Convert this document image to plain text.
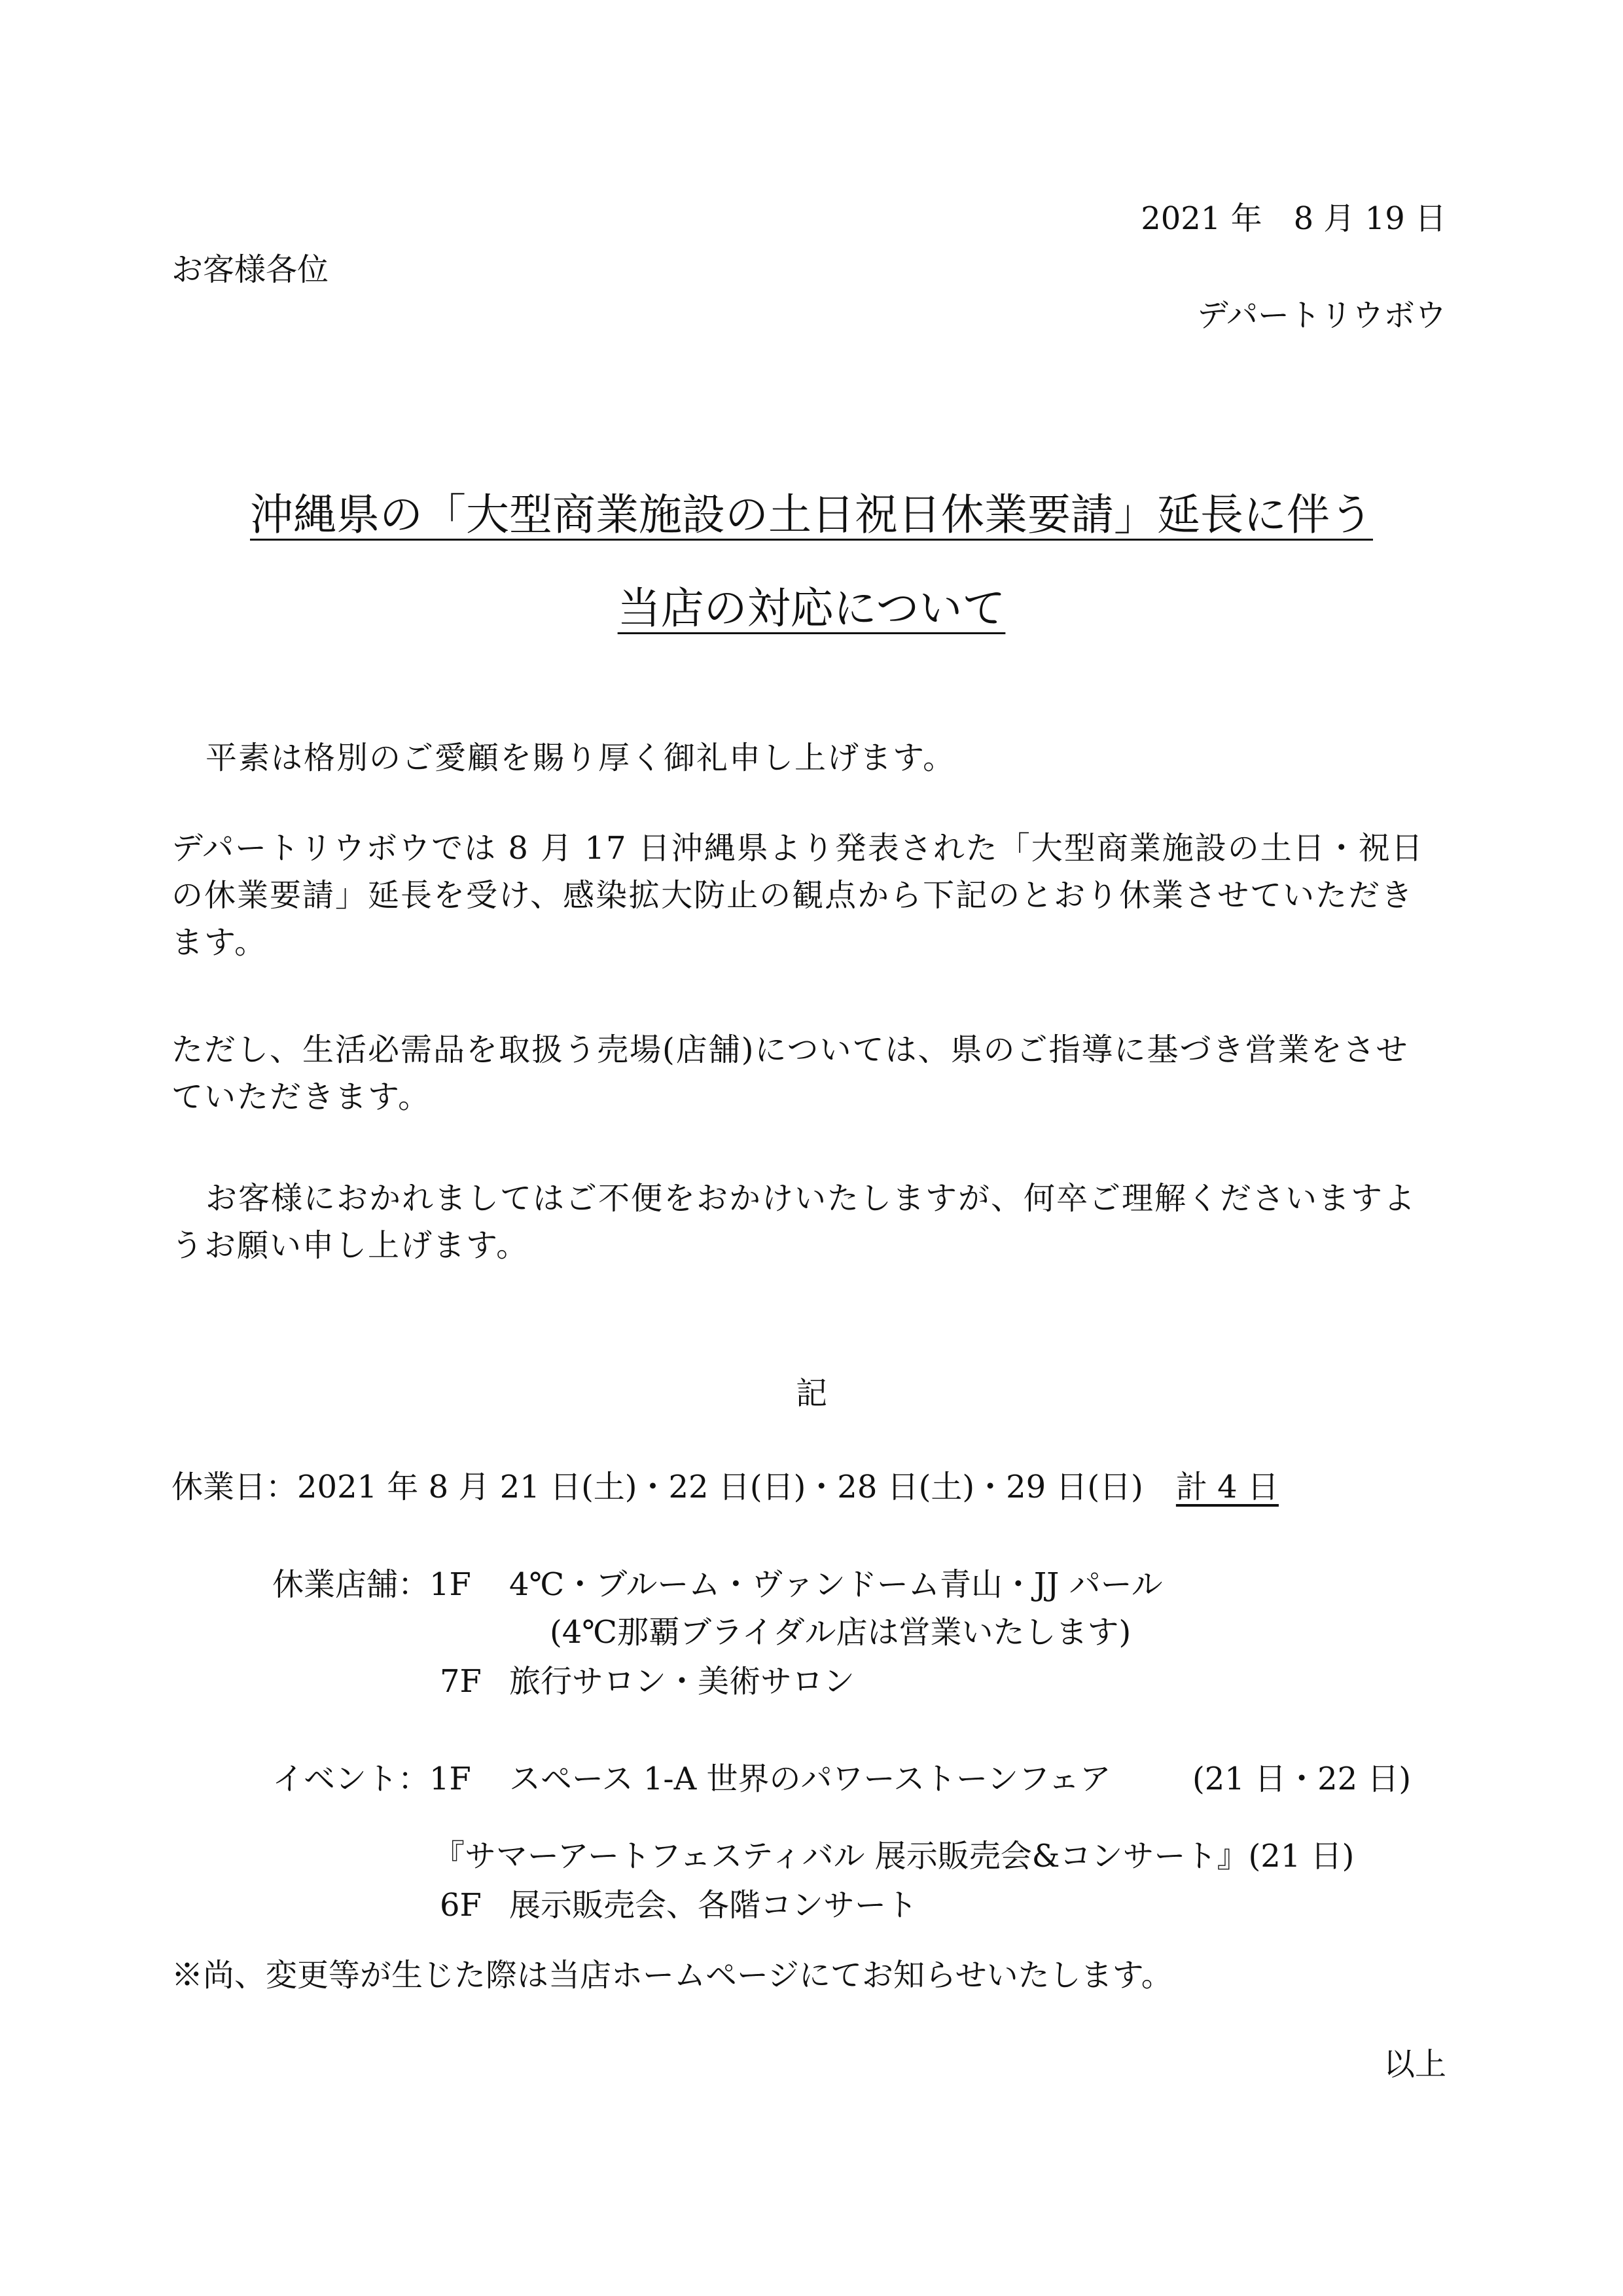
2021 年　8 月 19 日
お客様各位
デパートリウボウ
沖縄県の「大型商業施設の土日祝日休業要請」延長に伴う
当店の対応について
平素は格別のご愛顧を賜り厚く御礼申し上げます。
デパートリウボウでは 8 月 17 日沖縄県より発表された「大型商業施設の土日・祝日
の休業要請」延長を受け、感染拡大防止の観点から下記のとおり休業させていただき
ます。
ただし、生活必需品を取扱う売場(店舗)については、県のご指導に基づき営業をさせ
ていただきます。
お客様におかれましてはご不便をおかけいたしますが、何卒ご理解くださいますよ
うお願い申し上げます。
記
休業日：2021 年 8 月 21 日(土)・22 日(日)・28 日(土)・29 日(日) 計 4 日
休業店舗：1F 4℃・ブルーム・ヴァンドーム青山・JJ パール
(4℃那覇ブライダル店は営業いたします)
7F 旅行サロン・美術サロン
イベント：1F スペース 1-A 世界のパワーストーンフェア	(21 日・22 日)
『サマーアートフェスティバル 展示販売会&コンサート』(21 日)
6F 展示販売会、各階コンサート
※尚、変更等が生じた際は当店ホームページにてお知らせいたします。
以上
